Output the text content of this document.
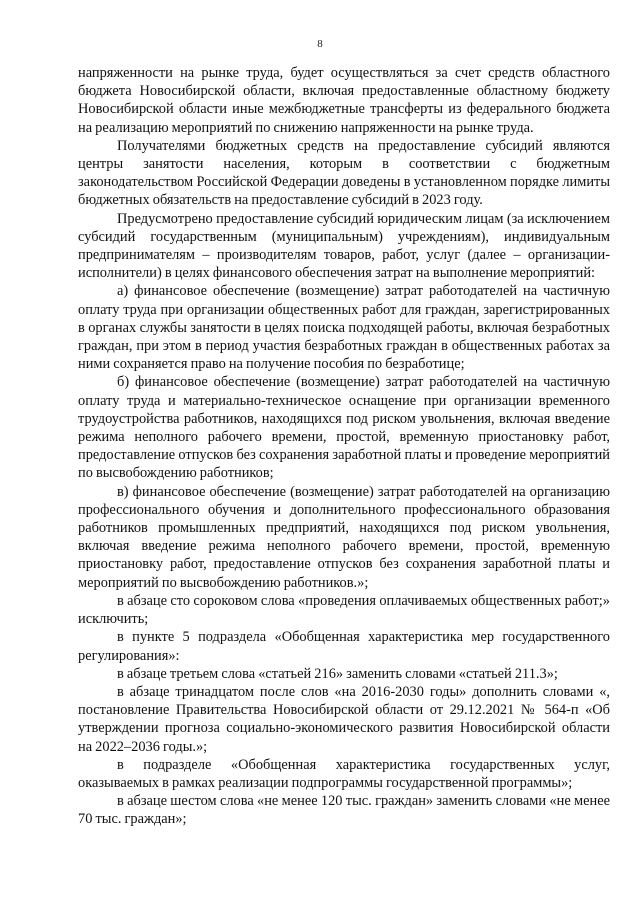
8

напряженности на рынке труда, будет осуществляться за счет средств областного бюджета Новосибирской области, включая предоставленные областному бюджету Новосибирской области иные межбюджетные трансферты из федерального бюджета на реализацию мероприятий по снижению напряженности на рынке труда.

Получателями бюджетных средств на предоставление субсидий являются центры занятости населения, которым в соответствии с бюджетным законодательством Российской Федерации доведены в установленном порядке лимиты бюджетных обязательств на предоставление субсидий в 2023 году.

Предусмотрено предоставление субсидий юридическим лицам (за исключением субсидий государственным (муниципальным) учреждениям), индивидуальным предпринимателям – производителям товаров, работ, услуг (далее – организации-исполнители) в целях финансового обеспечения затрат на выполнение мероприятий:

а) финансовое обеспечение (возмещение) затрат работодателей на частичную оплату труда при организации общественных работ для граждан, зарегистрированных в органах службы занятости в целях поиска подходящей работы, включая безработных граждан, при этом в период участия безработных граждан в общественных работах за ними сохраняется право на получение пособия по безработице;

б) финансовое обеспечение (возмещение) затрат работодателей на частичную оплату труда и материально-техническое оснащение при организации временного трудоустройства работников, находящихся под риском увольнения, включая введение режима неполного рабочего времени, простой, временную приостановку работ, предоставление отпусков без сохранения заработной платы и проведение мероприятий по высвобождению работников;

в) финансовое обеспечение (возмещение) затрат работодателей на организацию профессионального обучения и дополнительного профессионального образования работников промышленных предприятий, находящихся под риском увольнения, включая введение режима неполного рабочего времени, простой, временную приостановку работ, предоставление отпусков без сохранения заработной платы и мероприятий по высвобождению работников.»;

в абзаце сто сороковом слова «проведения оплачиваемых общественных работ;» исключить;

в пункте 5 подраздела «Обобщенная характеристика мер государственного регулирования»:

в абзаце третьем слова «статьей 216» заменить словами «статьей 211.3»;

в абзаце тринадцатом после слов «на 2016-2030 годы» дополнить словами «, постановление Правительства Новосибирской области от 29.12.2021 № 564-п «Об утверждении прогноза социально-экономического развития Новосибирской области на 2022–2036 годы.»;

в подразделе «Обобщенная характеристика государственных услуг, оказываемых в рамках реализации подпрограммы государственной программы»;

в абзаце шестом слова «не менее 120 тыс. граждан» заменить словами «не менее 70 тыс. граждан»;
